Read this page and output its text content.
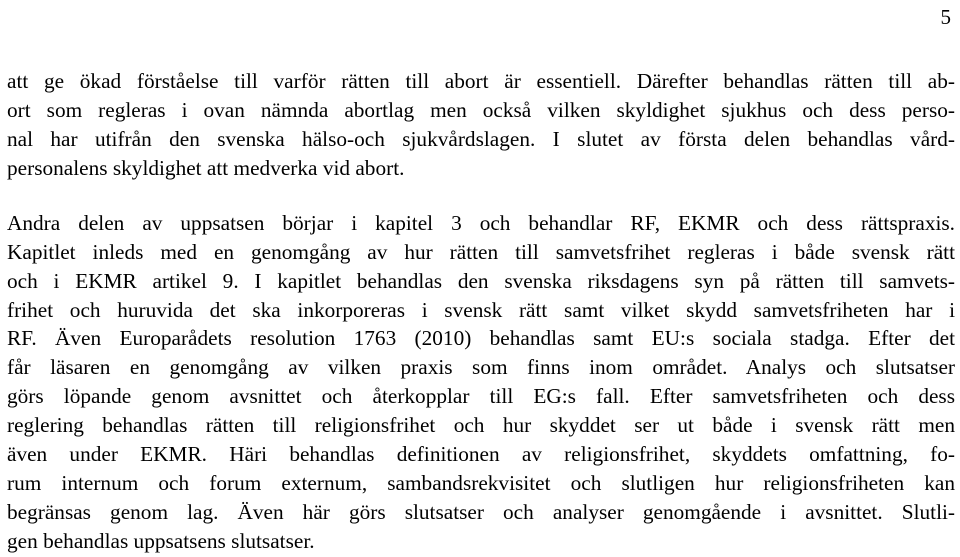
5
att ge ökad förståelse till varför rätten till abort är essentiell. Därefter behandlas rätten till ab-
ort som regleras i ovan nämnda abortlag men också vilken skyldighet sjukhus och dess perso-
nal har utifrån den svenska hälso-och sjukvårdslagen. I slutet av första delen behandlas vård-
personalens skyldighet att medverka vid abort.
Andra delen av uppsatsen börjar i kapitel 3 och behandlar RF, EKMR och dess rättspraxis.
Kapitlet inleds med en genomgång av hur rätten till samvetsfrihet regleras i både svensk rätt
och i EKMR artikel 9. I kapitlet behandlas den svenska riksdagens syn på rätten till samvets-
frihet och huruvida det ska inkorporeras i svensk rätt samt vilket skydd samvetsfriheten har i
RF. Även Europarådets resolution 1763 (2010) behandlas samt EU:s sociala stadga. Efter det
får läsaren en genomgång av vilken praxis som finns inom området. Analys och slutsatser
görs löpande genom avsnittet och återkopplar till EG:s fall. Efter samvetsfriheten och dess
reglering behandlas rätten till religionsfrihet och hur skyddet ser ut både i svensk rätt men
även under EKMR. Häri behandlas definitionen av religionsfrihet, skyddets omfattning, fo-
rum internum och forum externum, sambandsrekvisitet och slutligen hur religionsfriheten kan
begränsas genom lag. Även här görs slutsatser och analyser genomgående i avsnittet. Slutli-
gen behandlas uppsatsens slutsatser.
